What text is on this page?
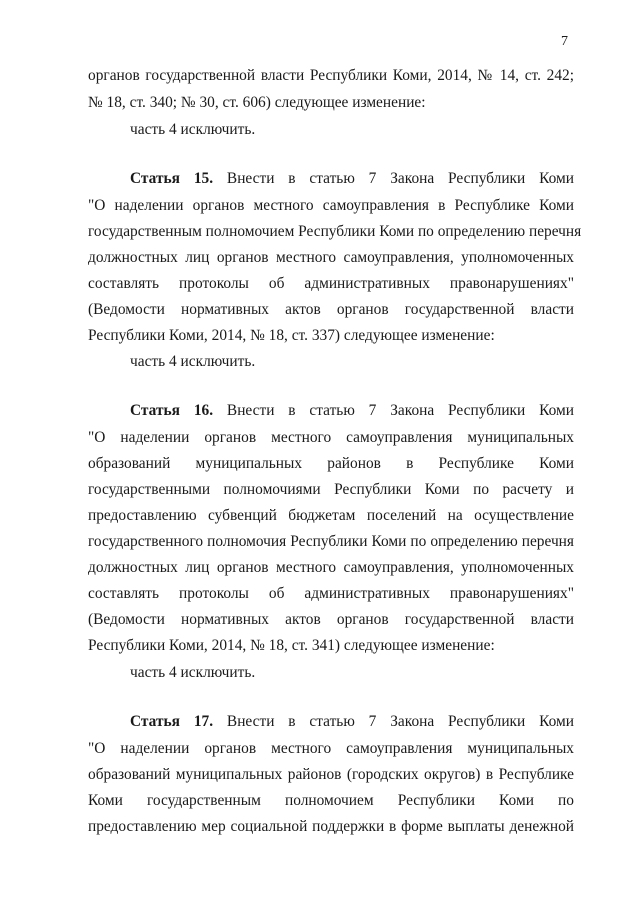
7
органов государственной власти Республики Коми, 2014, № 14, ст. 242;
№ 18, ст. 340; № 30, ст. 606) следующее изменение:
часть 4 исключить.
Статья 15. Внести в статью 7 Закона Республики Коми
"О наделении органов местного самоуправления в Республике Коми
государственным полномочием Республики Коми по определению перечня
должностных лиц органов местного самоуправления, уполномоченных
составлять протоколы об административных правонарушениях"
(Ведомости нормативных актов органов государственной власти
Республики Коми, 2014, № 18, ст. 337) следующее изменение:
часть 4 исключить.
Статья 16. Внести в статью 7 Закона Республики Коми
"О наделении органов местного самоуправления муниципальных
образований муниципальных районов в Республике Коми
государственными полномочиями Республики Коми по расчету и
предоставлению субвенций бюджетам поселений на осуществление
государственного полномочия Республики Коми по определению перечня
должностных лиц органов местного самоуправления, уполномоченных
составлять протоколы об административных правонарушениях"
(Ведомости нормативных актов органов государственной власти
Республики Коми, 2014, № 18, ст. 341) следующее изменение:
часть 4 исключить.
Статья 17. Внести в статью 7 Закона Республики Коми
"О наделении органов местного самоуправления муниципальных
образований муниципальных районов (городских округов) в Республике
Коми государственным полномочием Республики Коми по
предоставлению мер социальной поддержки в форме выплаты денежной
